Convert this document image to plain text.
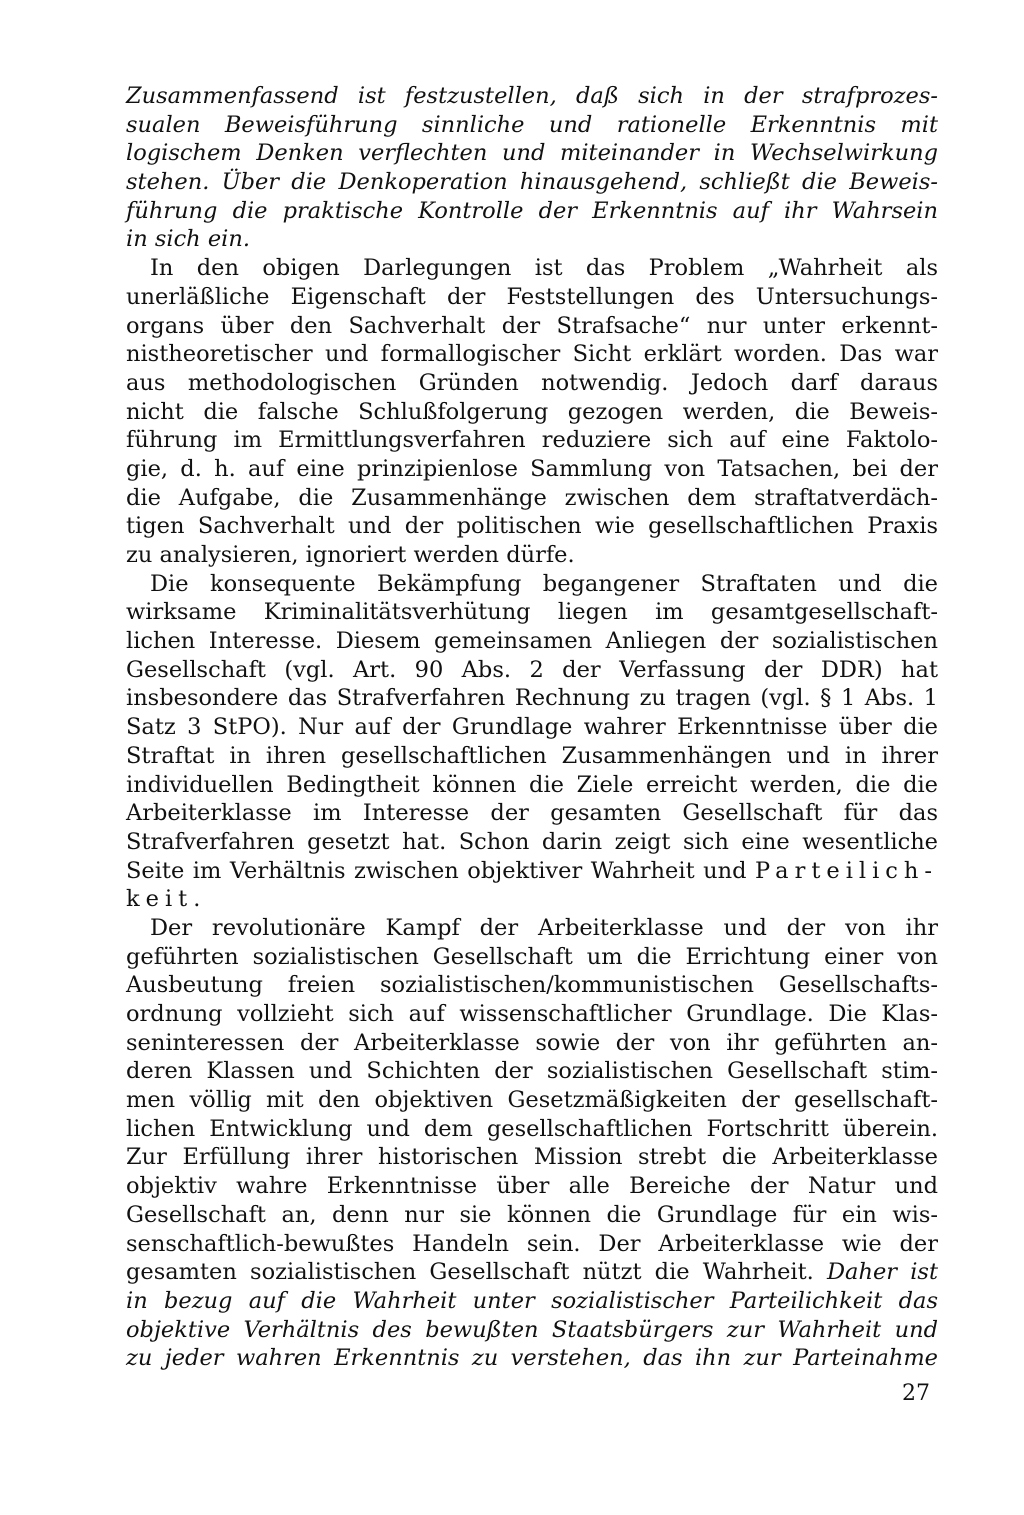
Zusammenfassend ist festzustellen, daß sich in der strafprozes-
sualen Beweisführung sinnliche und rationelle Erkenntnis mit
logischem Denken verflechten und miteinander in Wechselwirkung
stehen. Über die Denkoperation hinausgehend, schließt die Beweis-
führung die praktische Kontrolle der Erkenntnis auf ihr Wahrsein
in sich ein.
In den obigen Darlegungen ist das Problem „Wahrheit als
unerläßliche Eigenschaft der Feststellungen des Untersuchungs-
organs über den Sachverhalt der Strafsache“ nur unter erkennt-
nistheoretischer und formallogischer Sicht erklärt worden. Das war
aus methodologischen Gründen notwendig. Jedoch darf daraus
nicht die falsche Schlußfolgerung gezogen werden, die Beweis-
führung im Ermittlungsverfahren reduziere sich auf eine Faktolo-
gie, d. h. auf eine prinzipienlose Sammlung von Tatsachen, bei der
die Aufgabe, die Zusammenhänge zwischen dem straftatverdäch-
tigen Sachverhalt und der politischen wie gesellschaftlichen Praxis
zu analysieren, ignoriert werden dürfe.
Die konsequente Bekämpfung begangener Straftaten und die
wirksame Kriminalitätsverhütung liegen im gesamtgesellschaft-
lichen Interesse. Diesem gemeinsamen Anliegen der sozialistischen
Gesellschaft (vgl. Art. 90 Abs. 2 der Verfassung der DDR) hat
insbesondere das Strafverfahren Rechnung zu tragen (vgl. § 1 Abs. 1
Satz 3 StPO). Nur auf der Grundlage wahrer Erkenntnisse über die
Straftat in ihren gesellschaftlichen Zusammenhängen und in ihrer
individuellen Bedingtheit können die Ziele erreicht werden, die die
Arbeiterklasse im Interesse der gesamten Gesellschaft für das
Strafverfahren gesetzt hat. Schon darin zeigt sich eine wesentliche
Seite im Verhältnis zwischen objektiver Wahrheit und Parteilich-
keit.
Der revolutionäre Kampf der Arbeiterklasse und der von ihr
geführten sozialistischen Gesellschaft um die Errichtung einer von
Ausbeutung freien sozialistischen/kommunistischen Gesellschafts-
ordnung vollzieht sich auf wissenschaftlicher Grundlage. Die Klas-
seninteressen der Arbeiterklasse sowie der von ihr geführten an-
deren Klassen und Schichten der sozialistischen Gesellschaft stim-
men völlig mit den objektiven Gesetzmäßigkeiten der gesellschaft-
lichen Entwicklung und dem gesellschaftlichen Fortschritt überein.
Zur Erfüllung ihrer historischen Mission strebt die Arbeiterklasse
objektiv wahre Erkenntnisse über alle Bereiche der Natur und
Gesellschaft an, denn nur sie können die Grundlage für ein wis-
senschaftlich-bewußtes Handeln sein. Der Arbeiterklasse wie der
gesamten sozialistischen Gesellschaft nützt die Wahrheit. Daher ist
in bezug auf die Wahrheit unter sozialistischer Parteilichkeit das
objektive Verhältnis des bewußten Staatsbürgers zur Wahrheit und
zu jeder wahren Erkenntnis zu verstehen, das ihn zur Parteinahme
27
